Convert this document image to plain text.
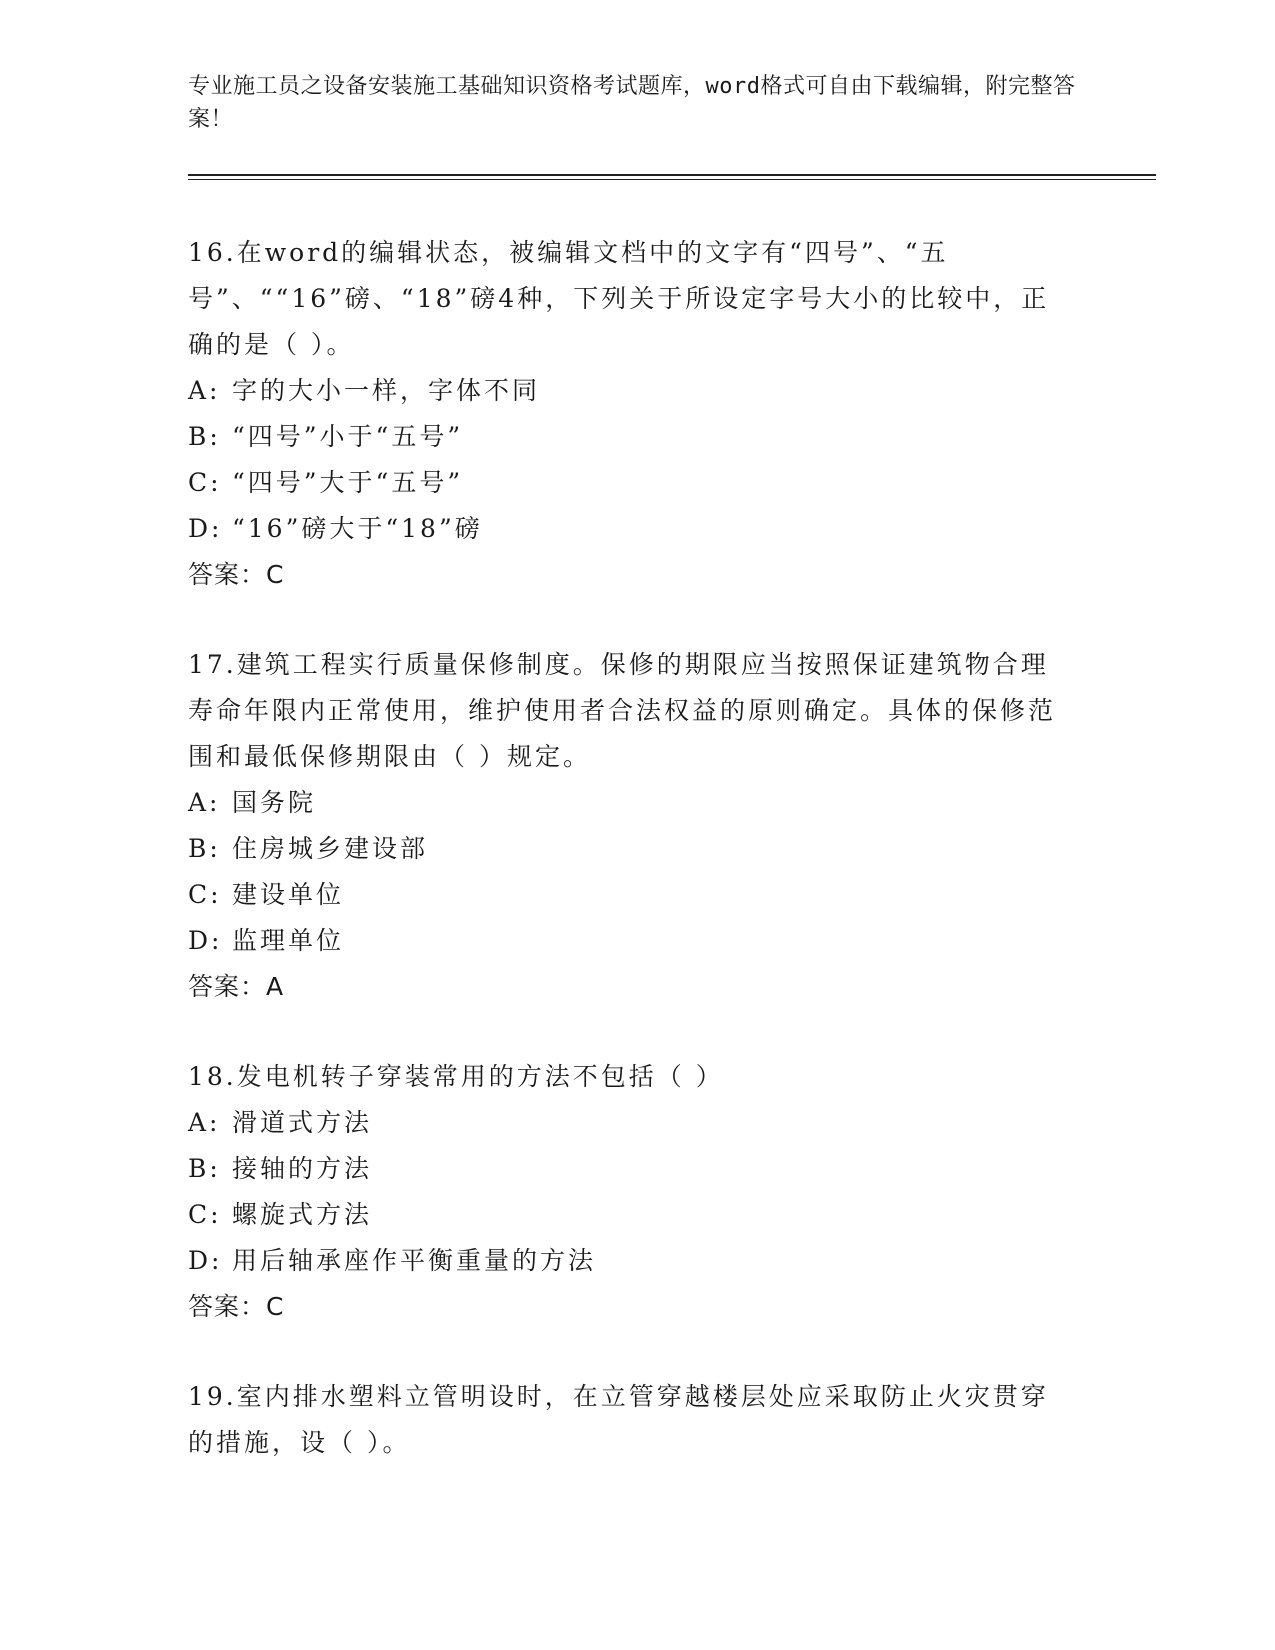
专业施工员之设备安装施工基础知识资格考试题库，word格式可自由下载编辑，附完整答案！

16.在word的编辑状态，被编辑文档中的文字有“四号”、“五号”、““16”磅、“18”磅4种，下列关于所设定字号大小的比较中，正确的是（ ）。

A: 字的大小一样，字体不同

B: “四号”小于“五号”

C: “四号”大于“五号”

D: “16”磅大于“18”磅

答案：C

17.建筑工程实行质量保修制度。保修的期限应当按照保证建筑物合理寿命年限内正常使用，维护使用者合法权益的原则确定。具体的保修范围和最低保修期限由（ ）规定。

A: 国务院

B: 住房城乡建设部

C: 建设单位

D: 监理单位

答案：A

18.发电机转子穿装常用的方法不包括（ ）

A: 滑道式方法

B: 接轴的方法

C: 螺旋式方法

D: 用后轴承座作平衡重量的方法

答案：C

19.室内排水塑料立管明设时，在立管穿越楼层处应采取防止火灾贯穿的措施，设（ ）。
